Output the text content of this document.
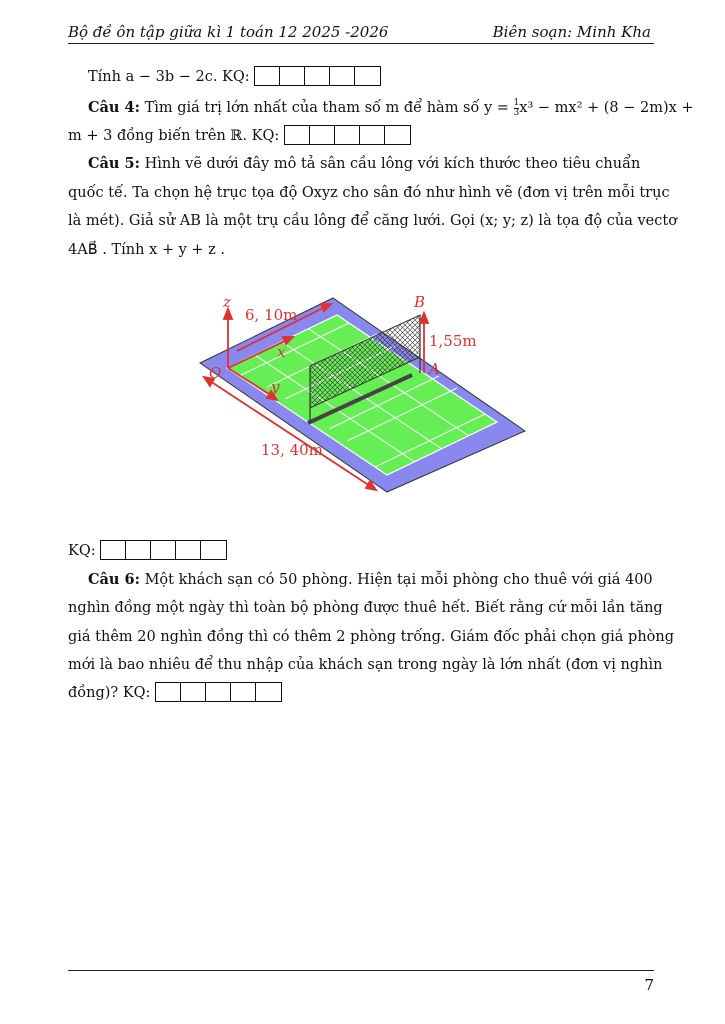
Bộ đề ôn tập giữa kì 1 toán 12 2025 -2026	Biên soạn: Minh Kha
Tính a − 3b − 2c. KQ:
Câu 4: Tìm giá trị lớn nhất của tham số m để hàm số $y = \frac{1}{3} x^3 - mx^2 + (8 - 2m)x$ +
m + 3 đồng biến trên ℝ. KQ:
Câu 5: Hình vẽ dưới đây mô tả sân cầu lông với kích thước theo tiêu chuẩn
quốc tế. Ta chọn hệ trục tọa độ Oxyz cho sân đó như hình vẽ (đơn vị trên mỗi trục
là mét). Giả sử AB là một trụ cầu lông để căng lưới. Gọi (x; y; z) là tọa độ của vectơ
4AB⃗ . Tính x + y + z .
z
x
y
O	A
B
6, 10m
13, 40m
1,55m
KQ:
Câu 6: Một khách sạn có 50 phòng. Hiện tại mỗi phòng cho thuê với giá 400
nghìn đồng một ngày thì toàn bộ phòng được thuê hết. Biết rằng cứ mỗi lần tăng
giá thêm 20 nghìn đồng thì có thêm 2 phòng trống. Giám đốc phải chọn giá phòng
mới là bao nhiêu để thu nhập của khách sạn trong ngày là lớn nhất (đơn vị nghìn
đồng)? KQ:
7
